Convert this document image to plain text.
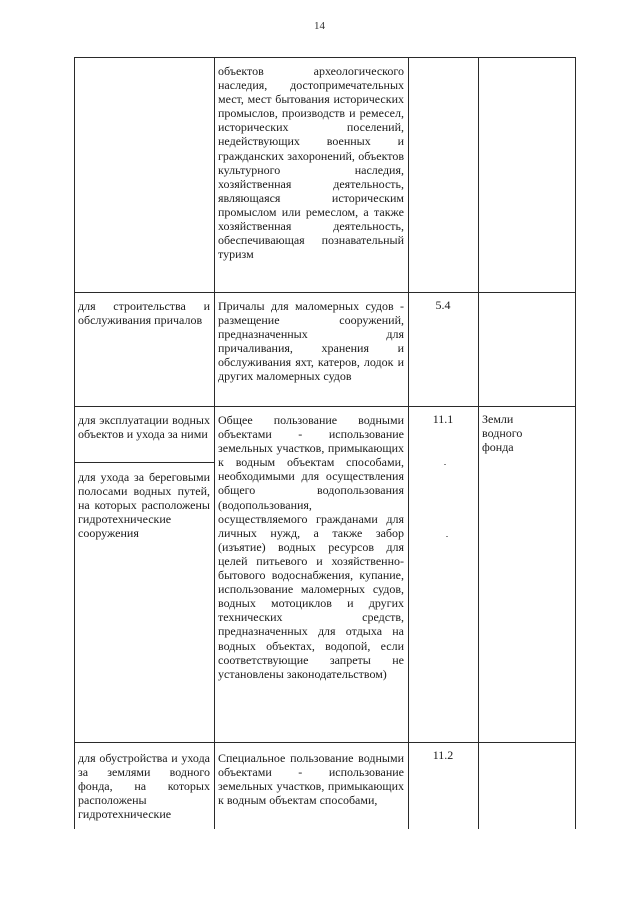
14
объектов археологического наследия, достопримечательных мест, мест бытования исторических промыслов, производств и ремесел, исторических поселений, недействующих военных и гражданских захоронений, объектов культурного наследия, хозяйственная деятельность, являющаяся историческим промыслом или ремеслом, а также хозяйственная деятельность, обеспечивающая познавательный туризм
для строительства и обслуживания причалов
Причалы для маломерных судов - размещение сооружений, предназначенных для причаливания, хранения и обслуживания яхт, катеров, лодок и других маломерных судов
5.4
для эксплуатации водных объектов и ухода за ними
для ухода за береговыми полосами водных путей, на которых расположены гидротехнические сооружения
Общее пользование водными объектами - использование земельных участков, примыкающих к водным объектам способами, необходимыми для осуществления общего водопользования (водопользования, осуществляемого гражданами для личных нужд, а также забор (изъятие) водных ресурсов для целей питьевого и хозяйственно-бытового водоснабжения, купание, использование маломерных судов, водных мотоциклов и других технических средств, предназначенных для отдыха на водных объектах, водопой, если соответствующие запреты не установлены законодательством)
11.1	Земли водного фонда
для обустройства и ухода за землями водного фонда, на которых расположены гидротехнические
Специальное пользование водными объектами - использование земельных участков, примыкающих к водным объектам способами,
11.2
